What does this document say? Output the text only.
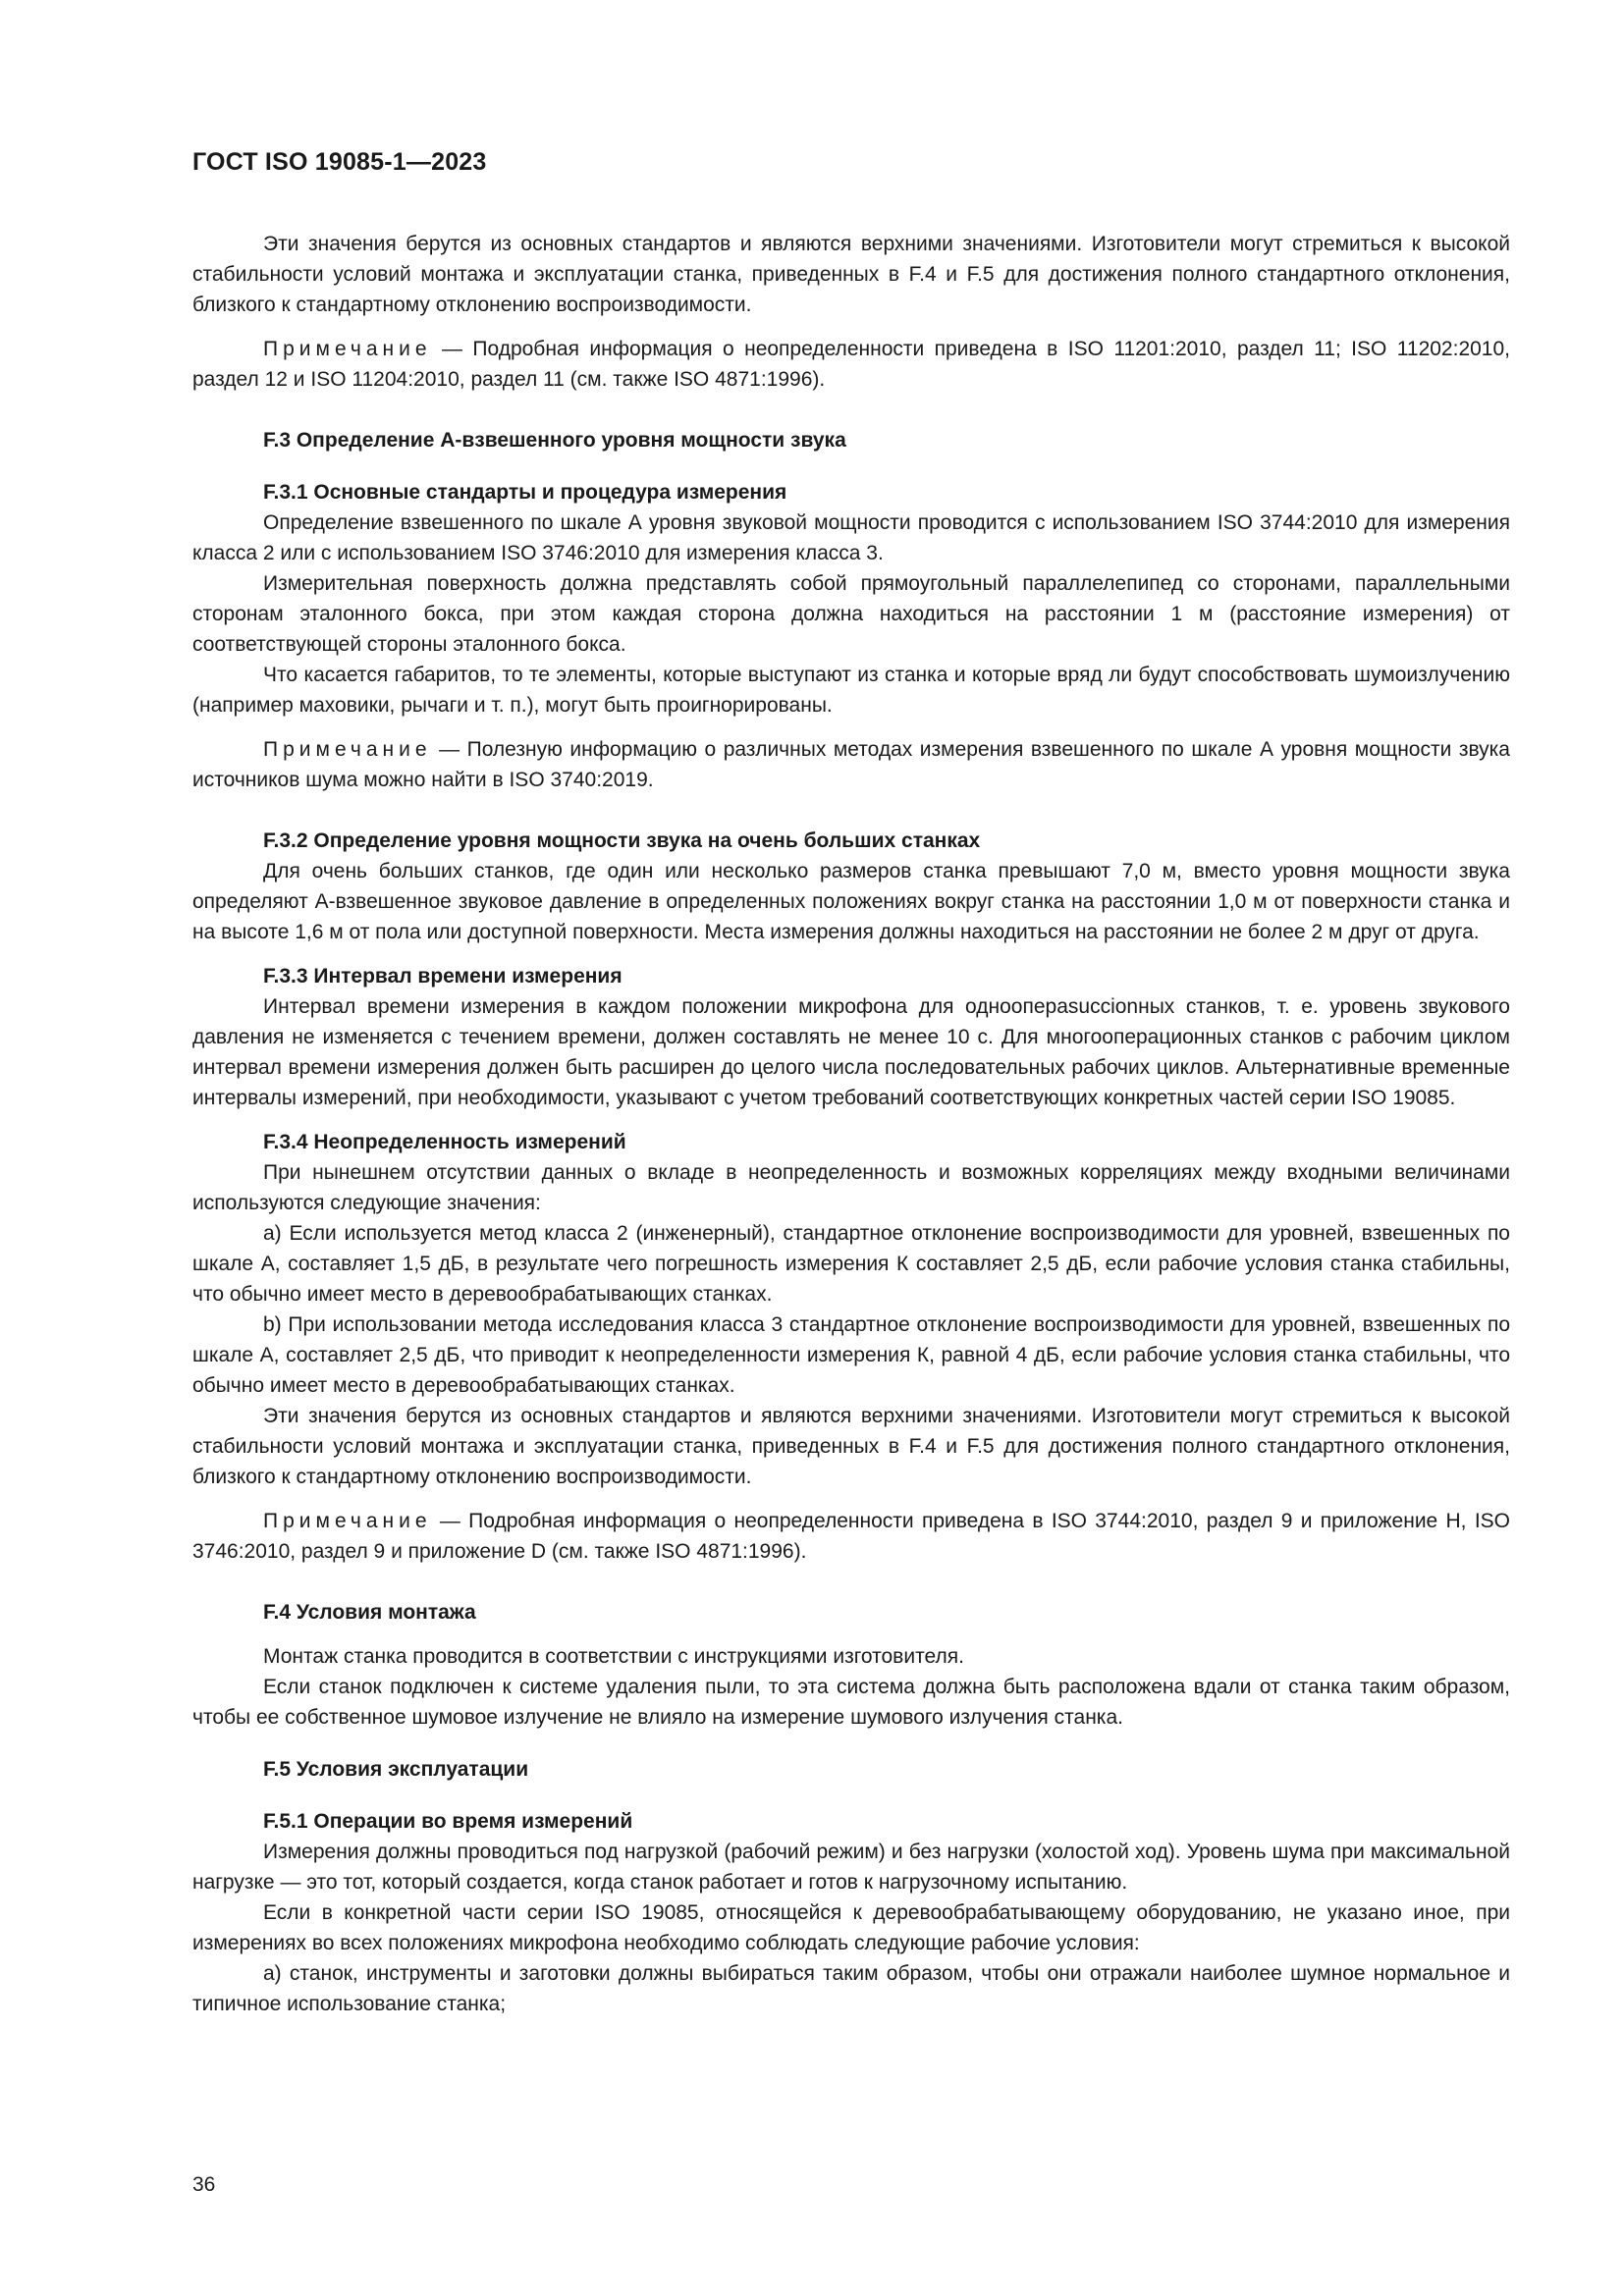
ГОСТ ISO 19085-1—2023

Эти значения берутся из основных стандартов и являются верхними значениями. Изготовители могут стремиться к высокой стабильности условий монтажа и эксплуатации станка, приведенных в F.4 и F.5 для достижения полного стандартного отклонения, близкого к стандартному отклонению воспроизводимости.

Примечание — Подробная информация о неопределенности приведена в ISO 11201:2010, раздел 11; ISO 11202:2010, раздел 12 и ISO 11204:2010, раздел 11 (см. также ISO 4871:1996).

F.3 Определение А-взвешенного уровня мощности звука
F.3.1 Основные стандарты и процедура измерения

Определение взвешенного по шкале А уровня звуковой мощности проводится с использованием ISO 3744:2010 для измерения класса 2 или с использованием ISO 3746:2010 для измерения класса 3.

Измерительная поверхность должна представлять собой прямоугольный параллелепипед со сторонами, параллельными сторонам эталонного бокса, при этом каждая сторона должна находиться на расстоянии 1 м (расстояние измерения) от соответствующей стороны эталонного бокса.

Что касается габаритов, то те элементы, которые выступают из станка и которые вряд ли будут способствовать шумоизлучению (например маховики, рычаги и т. п.), могут быть проигнорированы.

Примечание — Полезную информацию о различных методах измерения взвешенного по шкале А уровня мощности звука источников шума можно найти в ISO 3740:2019.

F.3.2 Определение уровня мощности звука на очень больших станках

Для очень больших станков, где один или несколько размеров станка превышают 7,0 м, вместо уровня мощности звука определяют А-взвешенное звуковое давление в определенных положениях вокруг станка на расстоянии 1,0 м от поверхности станка и на высоте 1,6 м от пола или доступной поверхности. Места измерения должны находиться на расстоянии не более 2 м друг от друга.

F.3.3 Интервал времени измерения

Интервал времени измерения в каждом положении микрофона для одноопераsuccionных станков, т. е. уровень звукового давления не изменяется с течением времени, должен составлять не менее 10 с. Для многооперационных станков с рабочим циклом интервал времени измерения должен быть расширен до целого числа последовательных рабочих циклов. Альтернативные временные интервалы измерений, при необходимости, указывают с учетом требований соответствующих конкретных частей серии ISO 19085.

F.3.4 Неопределенность измерений

При нынешнем отсутствии данных о вкладе в неопределенность и возможных корреляциях между входными величинами используются следующие значения:

a) Если используется метод класса 2 (инженерный), стандартное отклонение воспроизводимости для уровней, взвешенных по шкале А, составляет 1,5 дБ, в результате чего погрешность измерения К составляет 2,5 дБ, если рабочие условия станка стабильны, что обычно имеет место в деревообрабатывающих станках.

b) При использовании метода исследования класса 3 стандартное отклонение воспроизводимости для уровней, взвешенных по шкале А, составляет 2,5 дБ, что приводит к неопределенности измерения К, равной 4 дБ, если рабочие условия станка стабильны, что обычно имеет место в деревообрабатывающих станках.

Эти значения берутся из основных стандартов и являются верхними значениями. Изготовители могут стремиться к высокой стабильности условий монтажа и эксплуатации станка, приведенных в F.4 и F.5 для достижения полного стандартного отклонения, близкого к стандартному отклонению воспроизводимости.

Примечание — Подробная информация о неопределенности приведена в ISO 3744:2010, раздел 9 и приложение H, ISO 3746:2010, раздел 9 и приложение D (см. также ISO 4871:1996).

F.4 Условия монтажа

Монтаж станка проводится в соответствии с инструкциями изготовителя.

Если станок подключен к системе удаления пыли, то эта система должна быть расположена вдали от станка таким образом, чтобы ее собственное шумовое излучение не влияло на измерение шумового излучения станка.

F.5 Условия эксплуатации
F.5.1 Операции во время измерений

Измерения должны проводиться под нагрузкой (рабочий режим) и без нагрузки (холостой ход). Уровень шума при максимальной нагрузке — это тот, который создается, когда станок работает и готов к нагрузочному испытанию.

Если в конкретной части серии ISO 19085, относящейся к деревообрабатывающему оборудованию, не указано иное, при измерениях во всех положениях микрофона необходимо соблюдать следующие рабочие условия:

a) станок, инструменты и заготовки должны выбираться таким образом, чтобы они отражали наиболее шумное нормальное и типичное использование станка;

36
